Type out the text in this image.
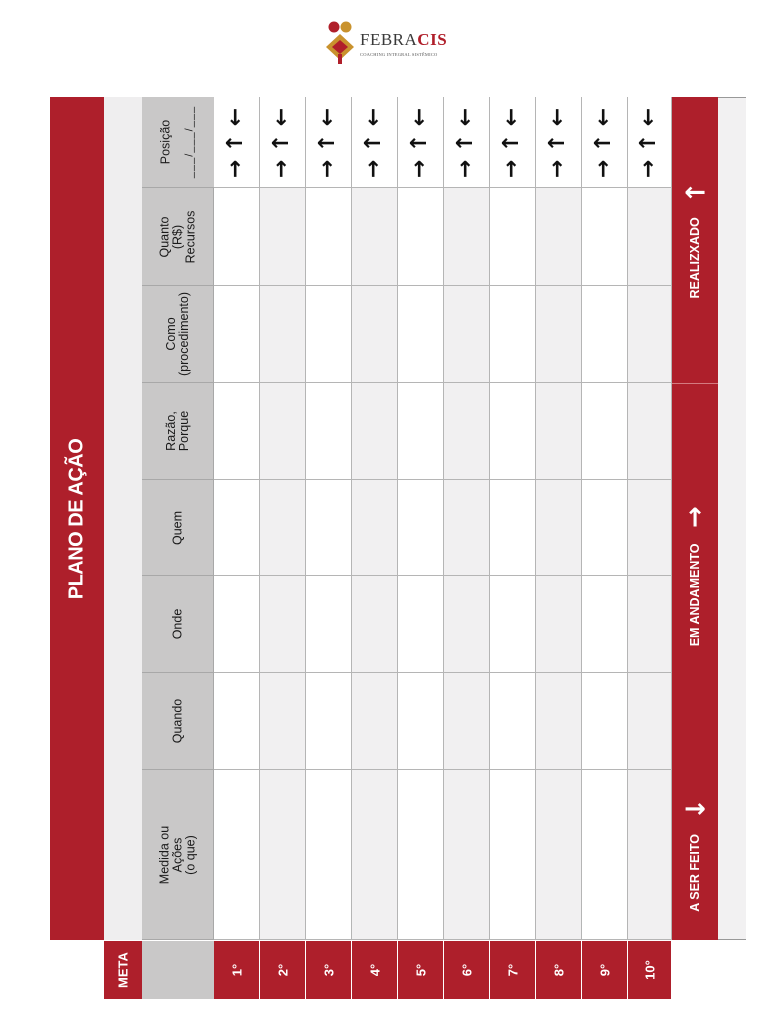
FEBRACIS
COACHING INTEGRAL SISTÊMICO
PLANO DE AÇÃO
Medida ou
Ações
(o que)
Quando
Onde
Quem
Razão,
Porque
Como
(procedimento)
Quanto
(R$)
Recursos
Posição ___/___/___ ←
↑
→
←
↑
→
←
↑
→
←
↑
→
←
↑
→
←
↑
→
←
↑
→
←
↑
→
←
↑
→
←
↑
→
A SER FEITO→
EM ANDAMENTO↑
REALIZXADO←
META	1° 2° 3° 4° 5° 6° 7° 8° 9° 10°
